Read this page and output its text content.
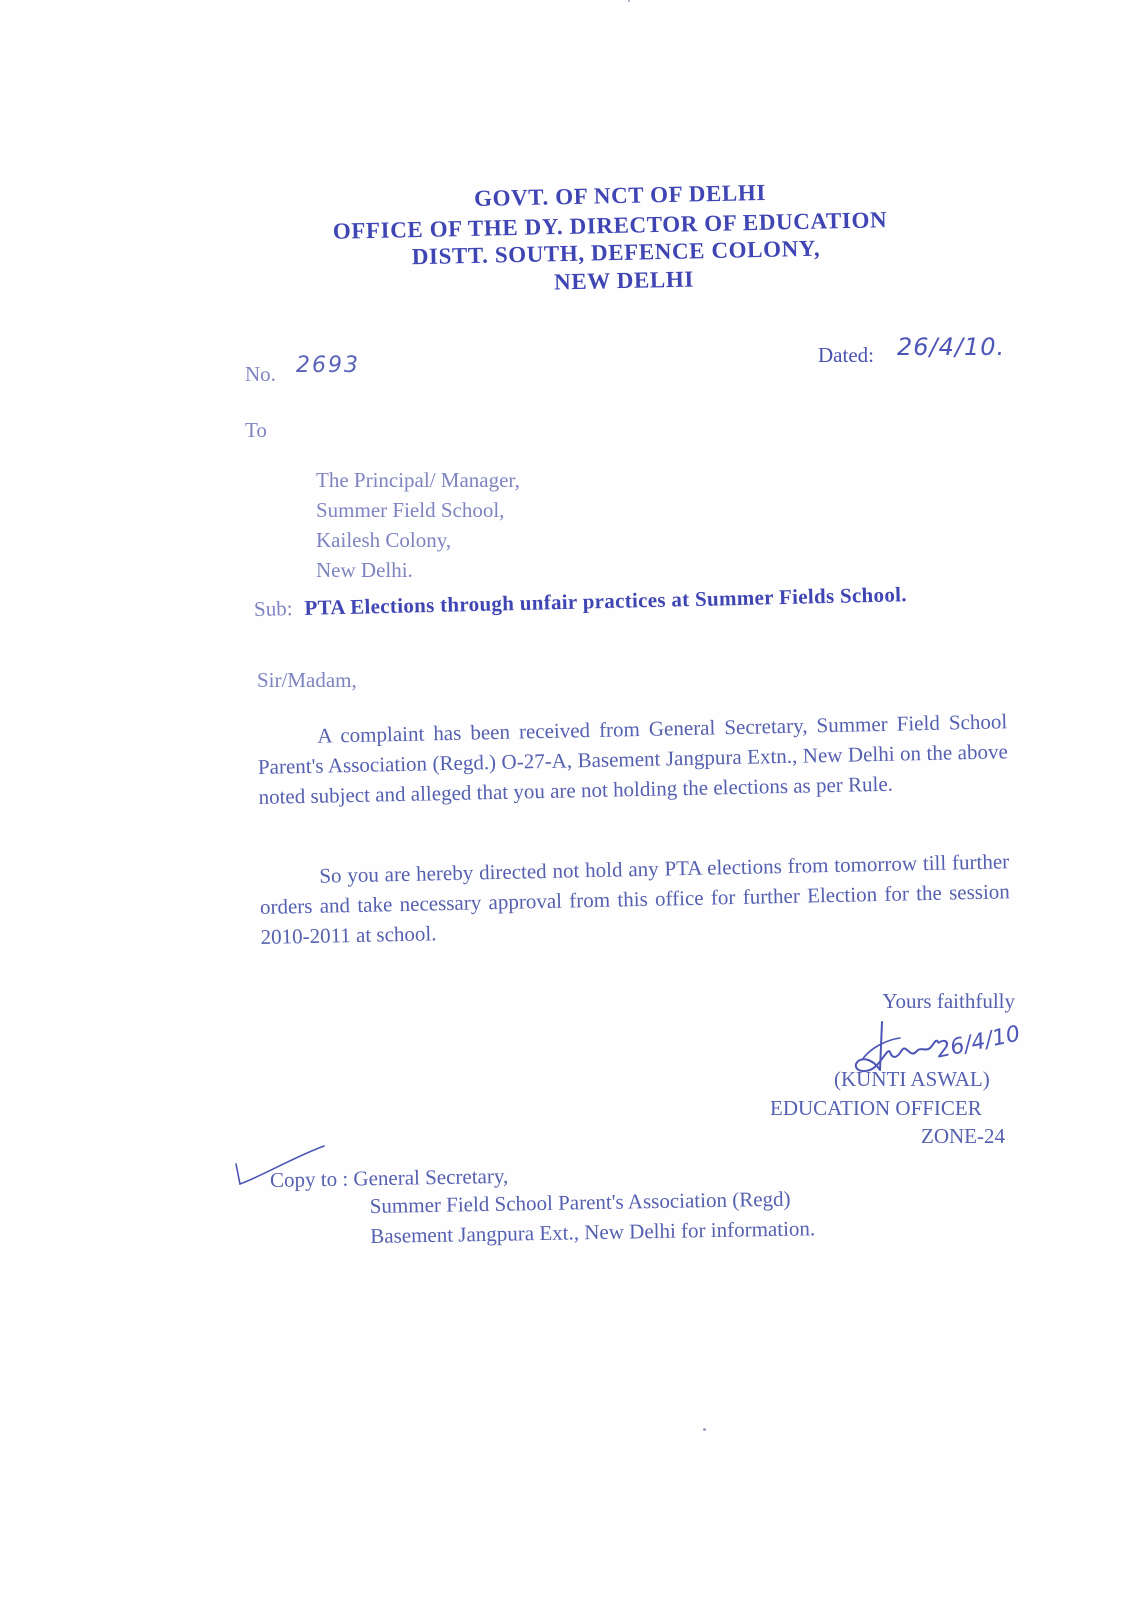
GOVT. OF NCT OF DELHI
OFFICE OF THE DY. DIRECTOR OF EDUCATION
DISTT. SOUTH, DEFENCE COLONY,
NEW DELHI
No. 2693	Dated: 26/4/10.
To
The Principal/ Manager,
Summer Field School,
Kailesh Colony,
New Delhi.
Sub: PTA Elections through unfair practices at Summer Fields School.
Sir/Madam,
A complaint has been received from General Secretary, Summer Field School Parent's Association (Regd.) O-27-A, Basement Jangpura Extn., New Delhi on the above noted subject and alleged that you are not holding the elections as per Rule.
So you are hereby directed not hold any PTA elections from tomorrow till further orders and take necessary approval from this office for further Election for the session 2010-2011 at school.
Yours faithfully
26/4/10
(KUNTI ASWAL)
EDUCATION OFFICER
ZONE-24
Copy to : General Secretary,
Summer Field School Parent's Association (Regd)
Basement Jangpura Ext., New Delhi for information.
